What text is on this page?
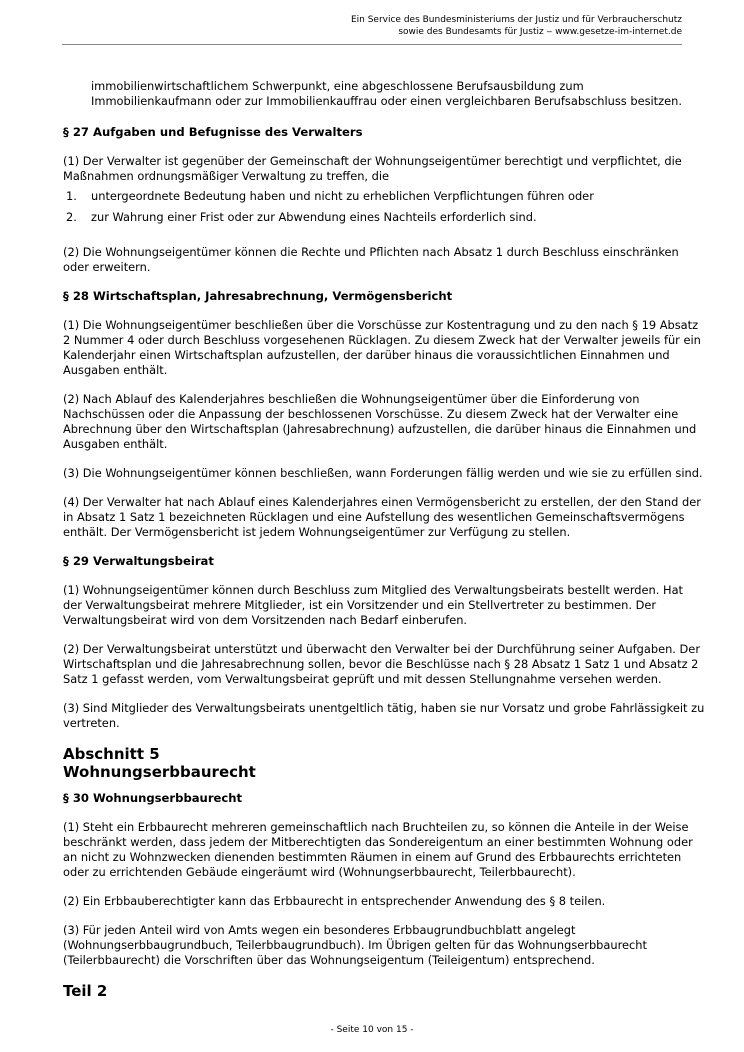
Ein Service des Bundesministeriums der Justiz und für Verbraucherschutz
sowie des Bundesamts für Justiz ‒ www.gesetze-im-internet.de

immobilienwirtschaftlichem Schwerpunkt, eine abgeschlossene Berufsausbildung zum Immobilienkaufmann oder zur Immobilienkauffrau oder einen vergleichbaren Berufsabschluss besitzen.

§ 27 Aufgaben und Befugnisse des Verwalters

(1) Der Verwalter ist gegenüber der Gemeinschaft der Wohnungseigentümer berechtigt und verpflichtet, die Maßnahmen ordnungsmäßiger Verwaltung zu treffen, die

1. untergeordnete Bedeutung haben und nicht zu erheblichen Verpflichtungen führen oder
2. zur Wahrung einer Frist oder zur Abwendung eines Nachteils erforderlich sind.

(2) Die Wohnungseigentümer können die Rechte und Pflichten nach Absatz 1 durch Beschluss einschränken oder erweitern.

§ 28 Wirtschaftsplan, Jahresabrechnung, Vermögensbericht

(1) Die Wohnungseigentümer beschließen über die Vorschüsse zur Kostentragung und zu den nach § 19 Absatz 2 Nummer 4 oder durch Beschluss vorgesehenen Rücklagen. Zu diesem Zweck hat der Verwalter jeweils für ein Kalenderjahr einen Wirtschaftsplan aufzustellen, der darüber hinaus die voraussichtlichen Einnahmen und Ausgaben enthält.

(2) Nach Ablauf des Kalenderjahres beschließen die Wohnungseigentümer über die Einforderung von Nachschüssen oder die Anpassung der beschlossenen Vorschüsse. Zu diesem Zweck hat der Verwalter eine Abrechnung über den Wirtschaftsplan (Jahresabrechnung) aufzustellen, die darüber hinaus die Einnahmen und Ausgaben enthält.

(3) Die Wohnungseigentümer können beschließen, wann Forderungen fällig werden und wie sie zu erfüllen sind.

(4) Der Verwalter hat nach Ablauf eines Kalenderjahres einen Vermögensbericht zu erstellen, der den Stand der in Absatz 1 Satz 1 bezeichneten Rücklagen und eine Aufstellung des wesentlichen Gemeinschaftsvermögens enthält. Der Vermögensbericht ist jedem Wohnungseigentümer zur Verfügung zu stellen.

§ 29 Verwaltungsbeirat

(1) Wohnungseigentümer können durch Beschluss zum Mitglied des Verwaltungsbeirats bestellt werden. Hat der Verwaltungsbeirat mehrere Mitglieder, ist ein Vorsitzender und ein Stellvertreter zu bestimmen. Der Verwaltungsbeirat wird von dem Vorsitzenden nach Bedarf einberufen.

(2) Der Verwaltungsbeirat unterstützt und überwacht den Verwalter bei der Durchführung seiner Aufgaben. Der Wirtschaftsplan und die Jahresabrechnung sollen, bevor die Beschlüsse nach § 28 Absatz 1 Satz 1 und Absatz 2 Satz 1 gefasst werden, vom Verwaltungsbeirat geprüft und mit dessen Stellungnahme versehen werden.

(3) Sind Mitglieder des Verwaltungsbeirats unentgeltlich tätig, haben sie nur Vorsatz und grobe Fahrlässigkeit zu vertreten.

Abschnitt 5
Wohnungserbbaurecht
§ 30 Wohnungserbbaurecht

(1) Steht ein Erbbaurecht mehreren gemeinschaftlich nach Bruchteilen zu, so können die Anteile in der Weise beschränkt werden, dass jedem der Mitberechtigten das Sondereigentum an einer bestimmten Wohnung oder an nicht zu Wohnzwecken dienenden bestimmten Räumen in einem auf Grund des Erbbaurechts errichteten oder zu errichtenden Gebäude eingeräumt wird (Wohnungserbbaurecht, Teilerbbaurecht).

(2) Ein Erbbauberechtigter kann das Erbbaurecht in entsprechender Anwendung des § 8 teilen.

(3) Für jeden Anteil wird von Amts wegen ein besonderes Erbbaugrundbuchblatt angelegt (Wohnungserbbaugrundbuch, Teilerbbaugrundbuch). Im Übrigen gelten für das Wohnungserbbaurecht (Teilerbbaurecht) die Vorschriften über das Wohnungseigentum (Teileigentum) entsprechend.

Teil 2
- Seite 10 von 15 -
